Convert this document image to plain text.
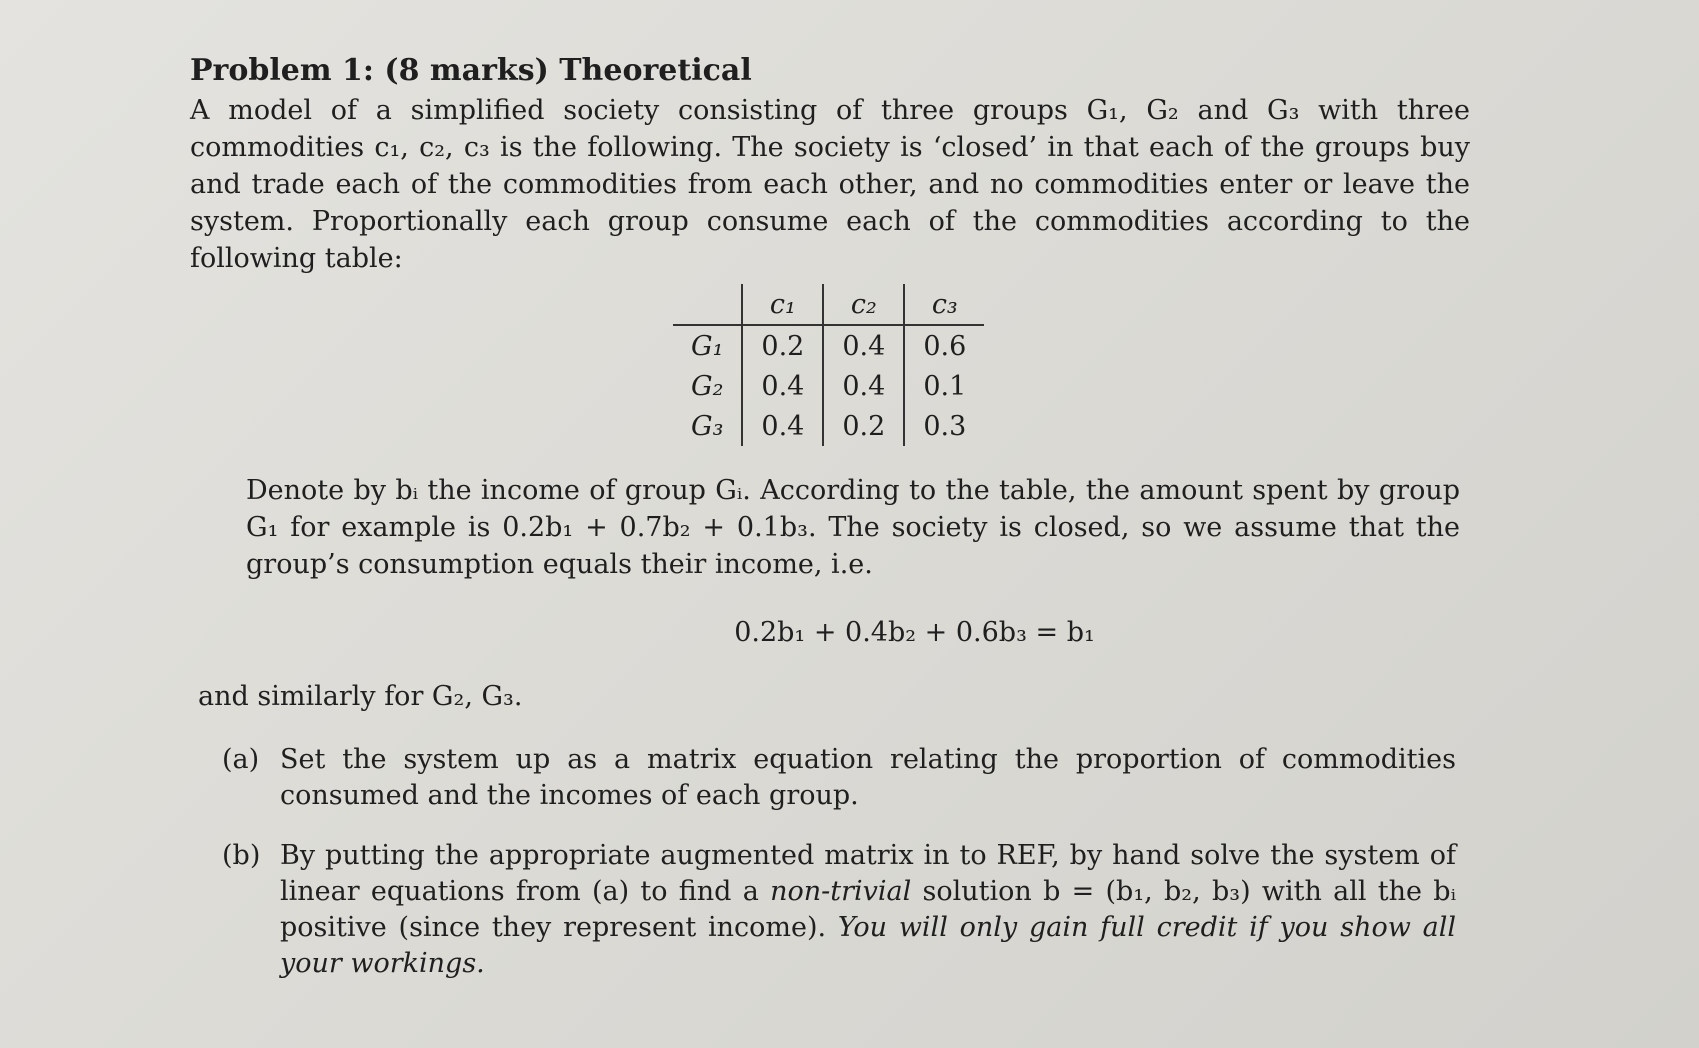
Problem 1: (8 marks) Theoretical
A model of a simplified society consisting of three groups G₁, G₂ and G₃ with three commodities c₁, c₂, c₃ is the following. The society is ‘closed’ in that each of the groups buy and trade each of the commodities from each other, and no commodities enter or leave the system. Proportionally each group consume each of the commodities according to the following table:
	c₁	c₂	c₃
G₁	0.2	0.4	0.6
G₂	0.4	0.4	0.1
G₃	0.4	0.2	0.3
Denote by bᵢ the income of group Gᵢ. According to the table, the amount spent by group G₁ for example is 0.2b₁ + 0.7b₂ + 0.1b₃. The society is closed, so we assume that the group’s consumption equals their income, i.e.
0.2b₁ + 0.4b₂ + 0.6b₃ = b₁
and similarly for G₂, G₃.
(a) Set the system up as a matrix equation relating the proportion of commodities consumed and the incomes of each group.
(b) By putting the appropriate augmented matrix in to REF, by hand solve the system of linear equations from (a) to find a non-trivial solution b = (b₁, b₂, b₃) with all the bᵢ positive (since they represent income). You will only gain full credit if you show all your workings.
